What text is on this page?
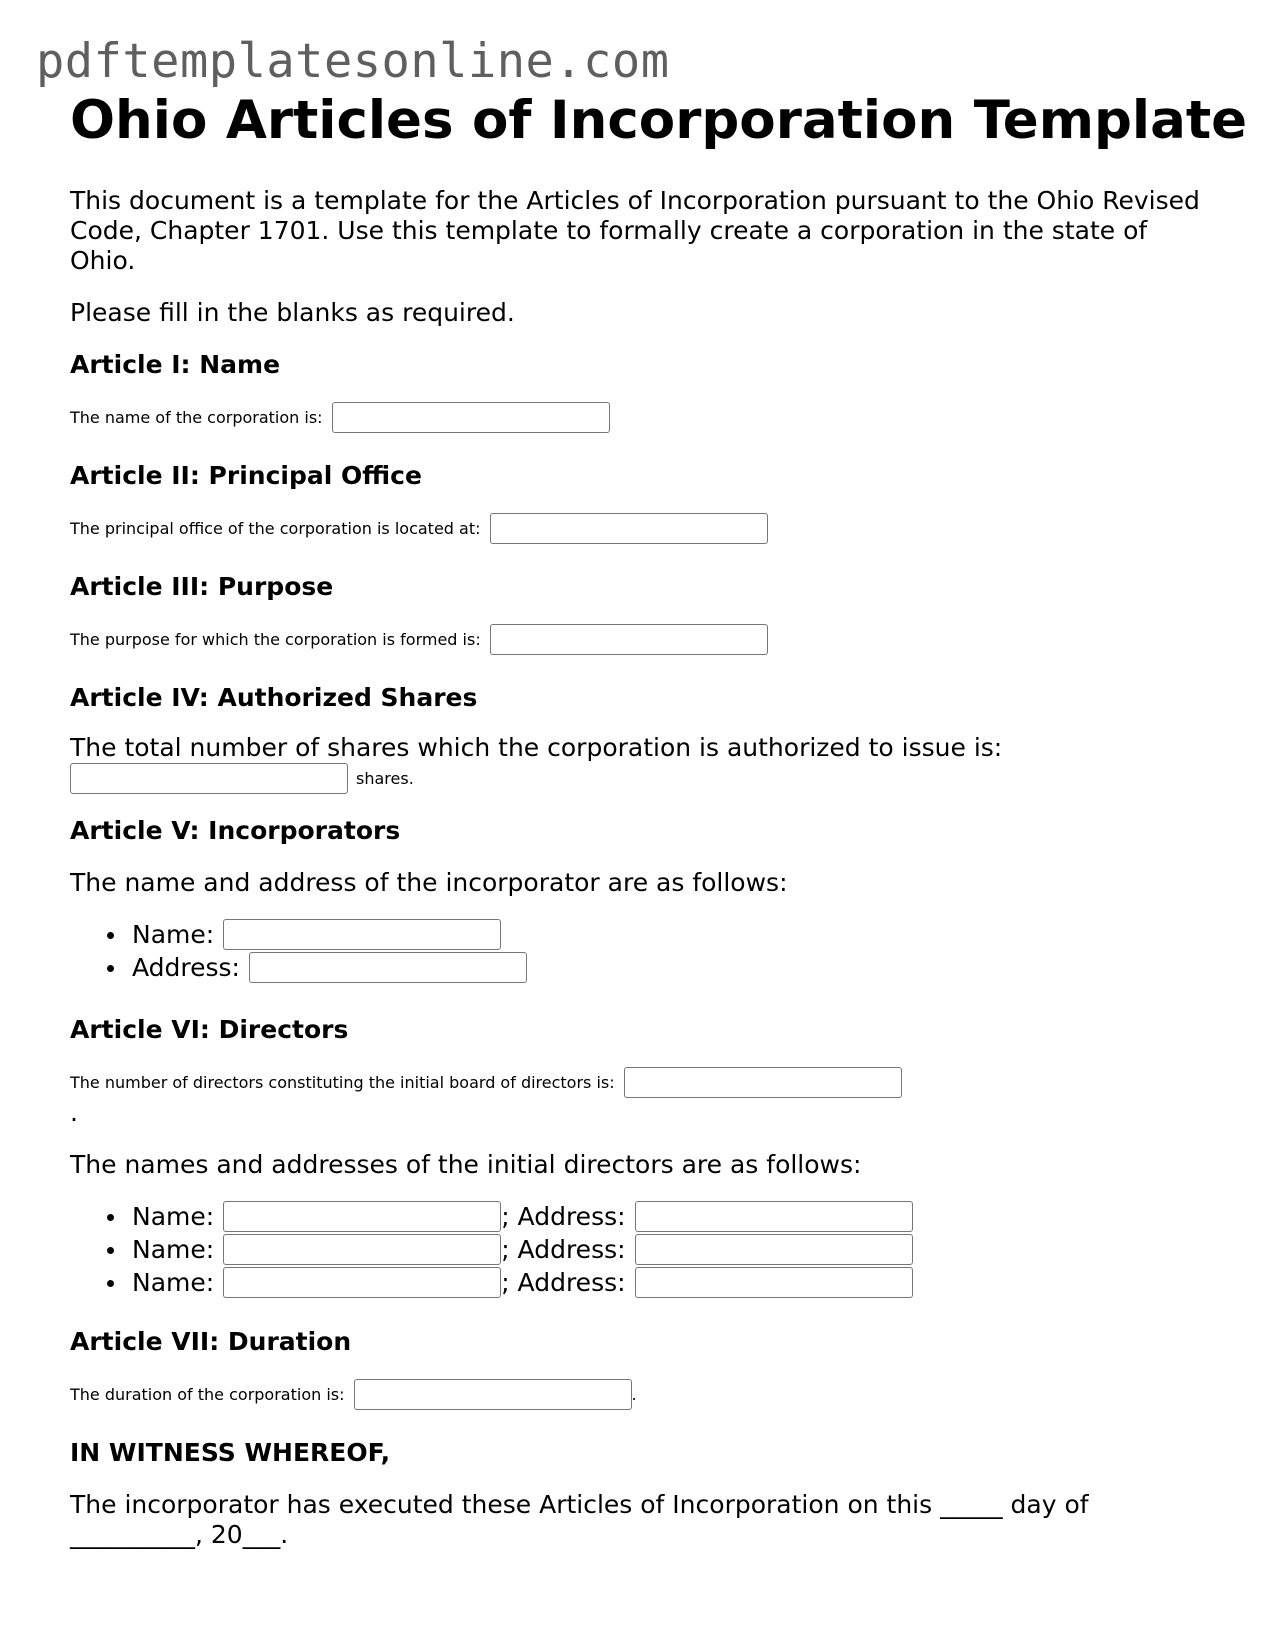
pdftemplatesonline.com
Ohio Articles of Incorporation Template

This document is a template for the Articles of Incorporation pursuant to the Ohio Revised Code, Chapter 1701. Use this template to formally create a corporation in the state of Ohio.

Please fill in the blanks as required.

Article I: Name
The name of the corporation is:
Article II: Principal Office
The principal office of the corporation is located at:
Article III: Purpose
The purpose for which the corporation is formed is:
Article IV: Authorized Shares

The total number of shares which the corporation is authorized to issue is:

shares.
Article V: Incorporators

The name and address of the incorporator are as follows:

Name:
Address:
Article VI: Directors
The number of directors constituting the initial board of directors is:
.

The names and addresses of the initial directors are as follows:

Name:	; Address:
Name:	; Address:
Name:	; Address:
Article VII: Duration
The duration of the corporation is:	.
IN WITNESS WHEREOF,

The incorporator has executed these Articles of Incorporation on this _____ day of __________, 20___.
